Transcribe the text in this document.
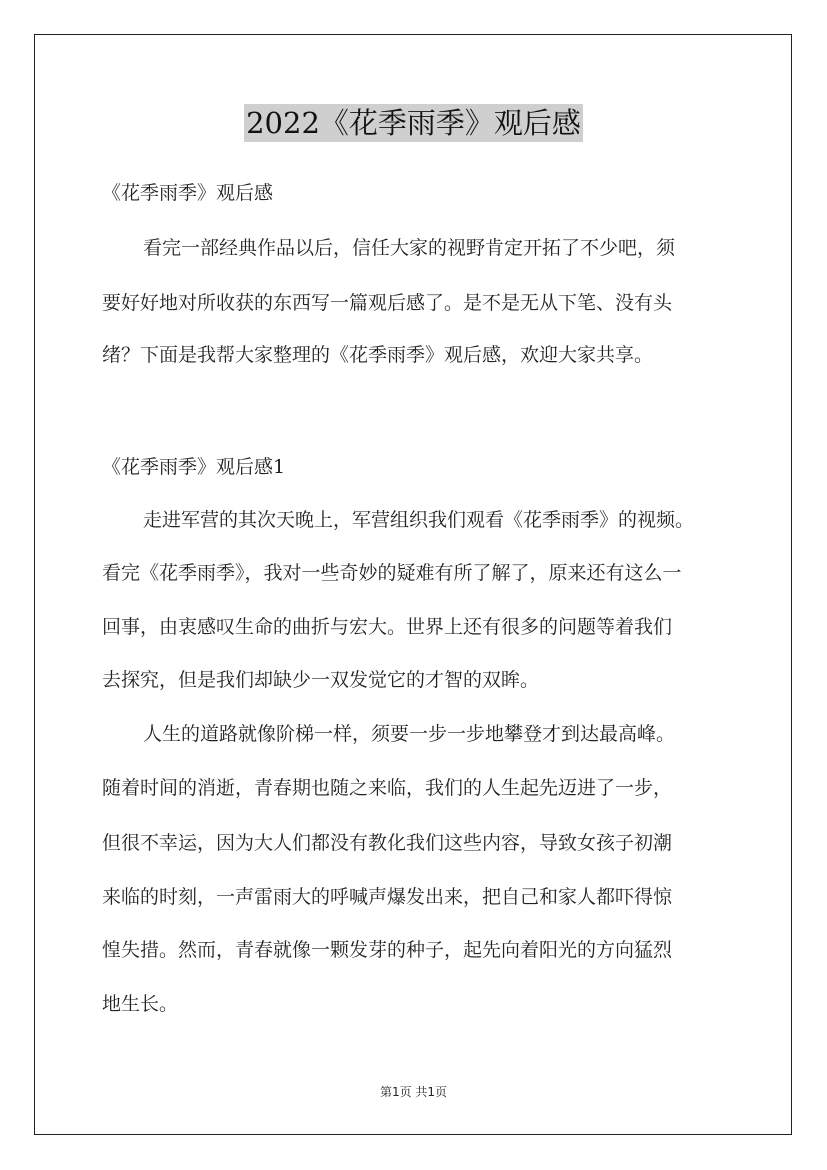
2022《花季雨季》观后感
《花季雨季》观后感
看完一部经典作品以后，信任大家的视野肯定开拓了不少吧，须
要好好地对所收获的东西写一篇观后感了。是不是无从下笔、没有头
绪？下面是我帮大家整理的《花季雨季》观后感，欢迎大家共享。
《花季雨季》观后感1
走进军营的其次天晚上，军营组织我们观看《花季雨季》的视频。
看完《花季雨季》，我对一些奇妙的疑难有所了解了，原来还有这么一
回事，由衷感叹生命的曲折与宏大。世界上还有很多的问题等着我们
去探究，但是我们却缺少一双发觉它的才智的双眸。
人生的道路就像阶梯一样，须要一步一步地攀登才到达最高峰。
随着时间的消逝，青春期也随之来临，我们的人生起先迈进了一步，
但很不幸运，因为大人们都没有教化我们这些内容，导致女孩子初潮
来临的时刻，一声雷雨大的呼喊声爆发出来，把自己和家人都吓得惊
惶失措。然而，青春就像一颗发芽的种子，起先向着阳光的方向猛烈
地生长。
第1页 共1页
